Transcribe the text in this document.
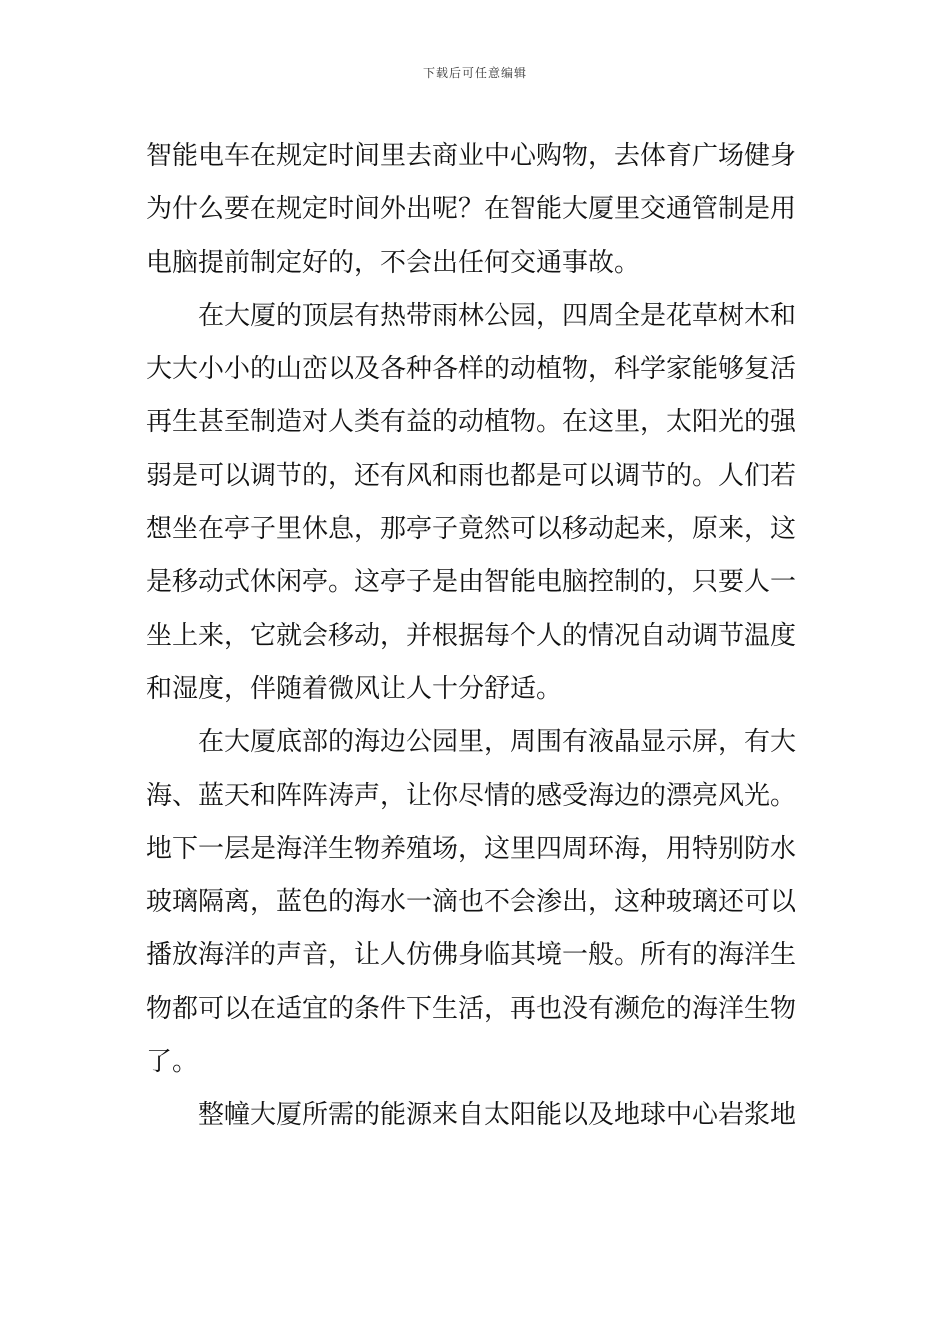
下载后可任意编辑
智能电车在规定时间里去商业中心购物，去体育广场健身
为什么要在规定时间外出呢？在智能大厦里交通管制是用
电脑提前制定好的，不会出任何交通事故。
在大厦的顶层有热带雨林公园，四周全是花草树木和
大大小小的山峦以及各种各样的动植物，科学家能够复活
再生甚至制造对人类有益的动植物。在这里，太阳光的强
弱是可以调节的，还有风和雨也都是可以调节的。人们若
想坐在亭子里休息，那亭子竟然可以移动起来，原来，这
是移动式休闲亭。这亭子是由智能电脑控制的，只要人一
坐上来，它就会移动，并根据每个人的情况自动调节温度
和湿度，伴随着微风让人十分舒适。
在大厦底部的海边公园里，周围有液晶显示屏，有大
海、蓝天和阵阵涛声，让你尽情的感受海边的漂亮风光。
地下一层是海洋生物养殖场，这里四周环海，用特别防水
玻璃隔离，蓝色的海水一滴也不会渗出，这种玻璃还可以
播放海洋的声音，让人仿佛身临其境一般。所有的海洋生
物都可以在适宜的条件下生活，再也没有濒危的海洋生物
了。
整幢大厦所需的能源来自太阳能以及地球中心岩浆地
